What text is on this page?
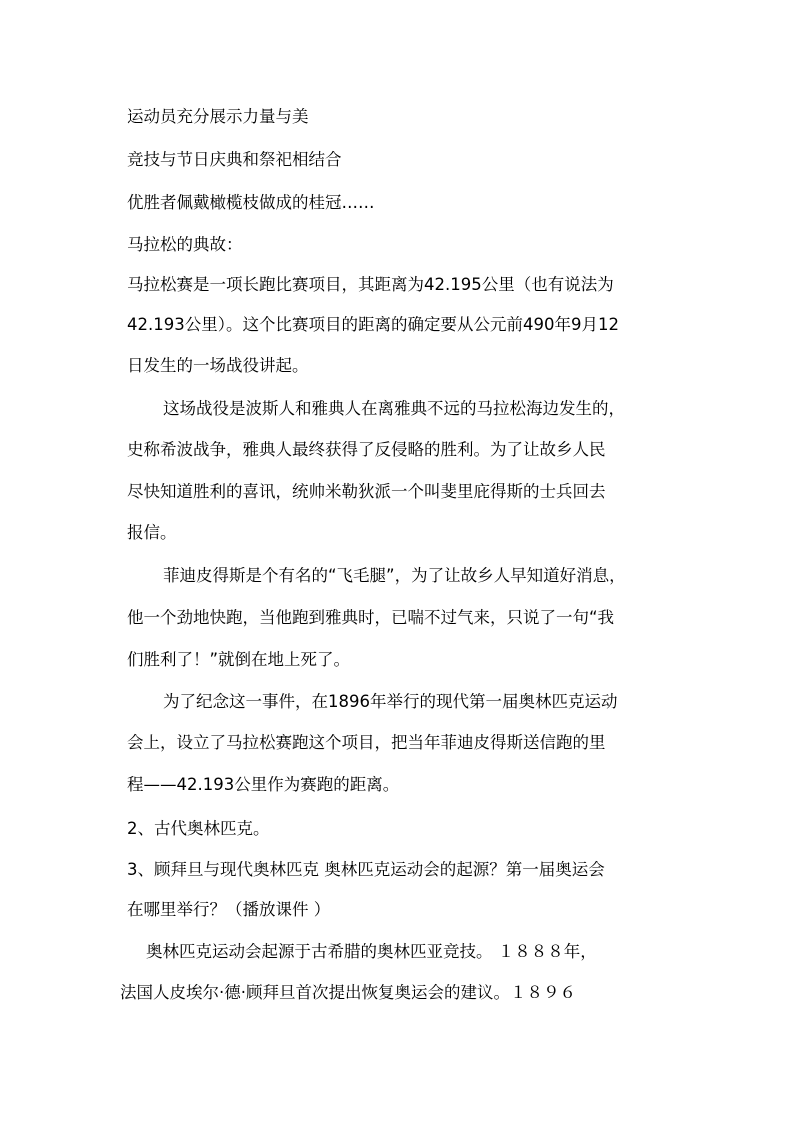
运动员充分展示力量与美
竞技与节日庆典和祭祀相结合
优胜者佩戴橄榄枝做成的桂冠……
马拉松的典故：
马拉松赛是一项长跑比赛项目，其距离为42.195公里（也有说法为
42.193公里）。这个比赛项目的距离的确定要从公元前490年9月12
日发生的一场战役讲起。
这场战役是波斯人和雅典人在离雅典不远的马拉松海边发生的，
史称希波战争，雅典人最终获得了反侵略的胜利。为了让故乡人民
尽快知道胜利的喜讯，统帅米勒狄派一个叫斐里庇得斯的士兵回去
报信。
菲迪皮得斯是个有名的“飞毛腿”，为了让故乡人早知道好消息，
他一个劲地快跑，当他跑到雅典时，已喘不过气来，只说了一句“我
们胜利了！”就倒在地上死了。
为了纪念这一事件，在1896年举行的现代第一届奥林匹克运动
会上，设立了马拉松赛跑这个项目，把当年菲迪皮得斯送信跑的里
程——42.193公里作为赛跑的距离。
2、古代奥林匹克。
3、顾拜旦与现代奥林匹克 奥林匹克运动会的起源？第一届奥运会
在哪里举行？（播放课件 ）
奥林匹克运动会起源于古希腊的奥林匹亚竞技。 １８８８年，
法国人皮埃尔·德·顾拜旦首次提出恢复奥运会的建议。１８９６
